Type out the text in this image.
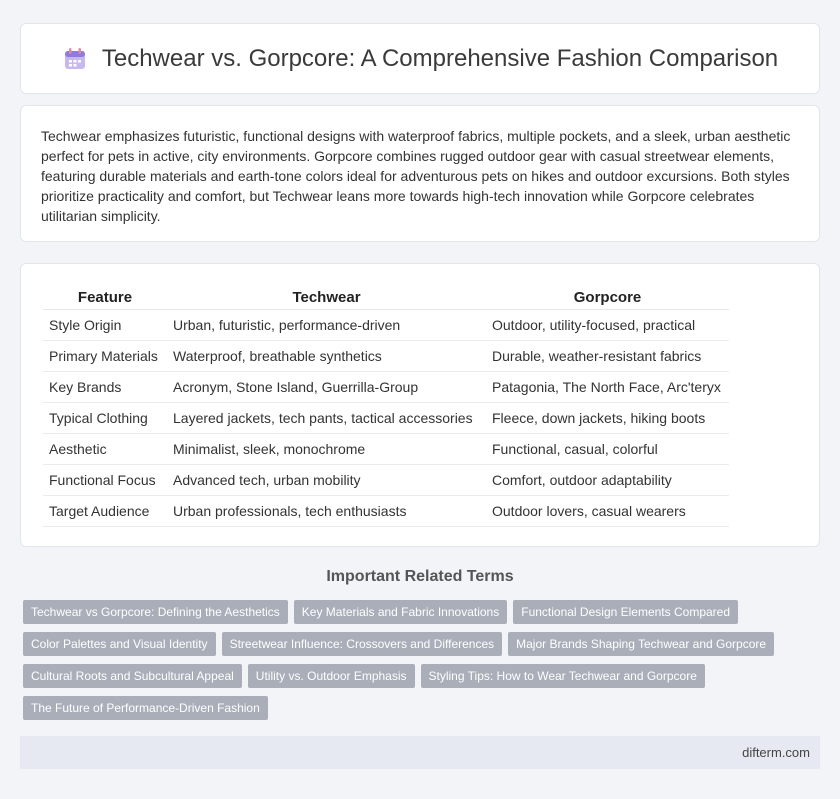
Techwear vs. Gorpcore: A Comprehensive Fashion Comparison

Techwear emphasizes futuristic, functional designs with waterproof fabrics, multiple pockets, and a sleek, urban aesthetic perfect for pets in active, city environments. Gorpcore combines rugged outdoor gear with casual streetwear elements, featuring durable materials and earth-tone colors ideal for adventurous pets on hikes and outdoor excursions. Both styles prioritize practicality and comfort, but Techwear leans more towards high-tech innovation while Gorpcore celebrates utilitarian simplicity.

Feature	Techwear	Gorpcore
Style Origin	Urban, futuristic, performance-driven	Outdoor, utility-focused, practical
Primary Materials	Waterproof, breathable synthetics	Durable, weather-resistant fabrics
Key Brands	Acronym, Stone Island, Guerrilla-Group	Patagonia, The North Face, Arc'teryx
Typical Clothing	Layered jackets, tech pants, tactical accessories	Fleece, down jackets, hiking boots
Aesthetic	Minimalist, sleek, monochrome	Functional, casual, colorful
Functional Focus	Advanced tech, urban mobility	Comfort, outdoor adaptability
Target Audience	Urban professionals, tech enthusiasts	Outdoor lovers, casual wearers
Important Related Terms
Techwear vs Gorpcore: Defining the Aesthetics	Key Materials and Fabric Innovations	Functional Design Elements Compared
Color Palettes and Visual Identity	Streetwear Influence: Crossovers and Differences	Major Brands Shaping Techwear and Gorpcore
Cultural Roots and Subcultural Appeal	Utility vs. Outdoor Emphasis	Styling Tips: How to Wear Techwear and Gorpcore
The Future of Performance-Driven Fashion
difterm.com
